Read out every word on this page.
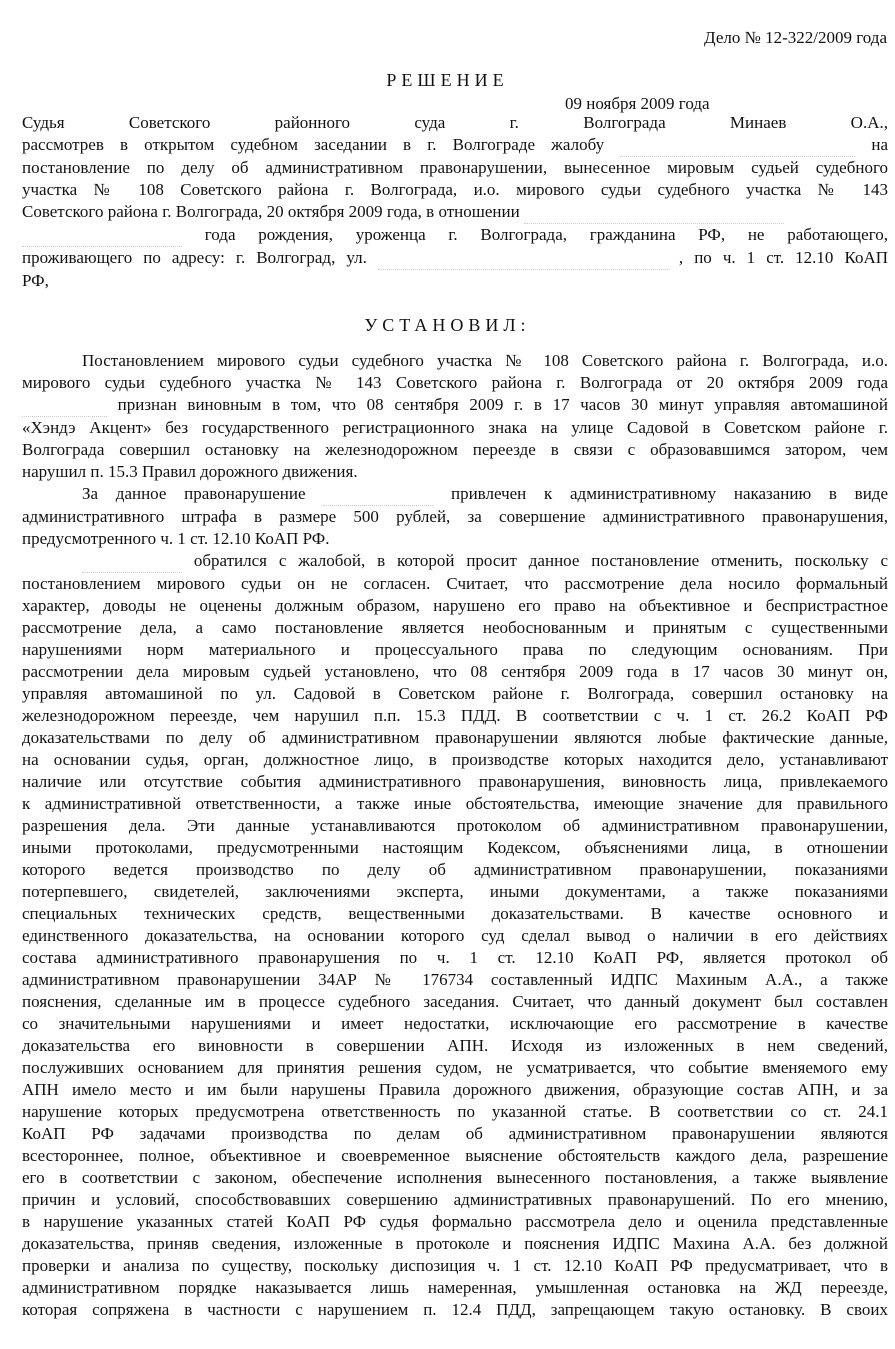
Дело № 12-322/2009 года
РЕШЕНИЕ
09 ноября 2009 года
Судья Советского районного суда г. Волгограда Минаев О.А.,
рассмотрев в открытом судебном заседании в г. Волгограде жалобу	на
постановление по делу об административном правонарушении, вынесенное мировым судьей судебного
участка № 108 Советского района г. Волгограда, и.о. мирового судьи судебного участка № 143
Советского района г. Волгограда, 20 октября 2009 года, в отношении
года рождения, уроженца г. Волгограда, гражданина РФ, не работающего,
проживающего по адресу: г. Волгоград, ул.	, по ч. 1 ст. 12.10 КоАП
РФ,
УСТАНОВИЛ:
Постановлением мирового судьи судебного участка № 108 Советского района г. Волгограда, и.о.
мирового судьи судебного участка № 143 Советского района г. Волгограда от 20 октября 2009 года
признан виновным в том, что 08 сентября 2009 г. в 17 часов 30 минут управляя автомашиной
«Хэндэ Акцент» без государственного регистрационного знака на улице Садовой в Советском районе г.
Волгограда совершил остановку на железнодорожном переезде в связи с образовавшимся затором, чем
нарушил п. 15.3 Правил дорожного движения.
За данное правонарушение	привлечен к административному наказанию в виде
административного штрафа в размере 500 рублей, за совершение административного правонарушения,
предусмотренного ч. 1 ст. 12.10 КоАП РФ.
обратился с жалобой, в которой просит данное постановление отменить, поскольку с
постановлением мирового судьи он не согласен. Считает, что рассмотрение дела носило формальный
характер, доводы не оценены должным образом, нарушено его право на объективное и беспристрастное
рассмотрение дела, а само постановление является необоснованным и принятым с существенными
нарушениями норм материального и процессуального права по следующим основаниям. При
рассмотрении дела мировым судьей установлено, что 08 сентября 2009 года в 17 часов 30 минут он,
управляя автомашиной по ул. Садовой в Советском районе г. Волгограда, совершил остановку на
железнодорожном переезде, чем нарушил п.п. 15.3 ПДД. В соответствии с ч. 1 ст. 26.2 КоАП РФ
доказательствами по делу об административном правонарушении являются любые фактические данные,
на основании судья, орган, должностное лицо, в производстве которых находится дело, устанавливают
наличие или отсутствие события административного правонарушения, виновность лица, привлекаемого
к административной ответственности, а также иные обстоятельства, имеющие значение для правильного
разрешения дела. Эти данные устанавливаются протоколом об административном правонарушении,
иными протоколами, предусмотренными настоящим Кодексом, объяснениями лица, в отношении
которого ведется производство по делу об административном правонарушении, показаниями
потерпевшего, свидетелей, заключениями эксперта, иными документами, а также показаниями
специальных технических средств, вещественными доказательствами. В качестве основного и
единственного доказательства, на основании которого суд сделал вывод о наличии в его действиях
состава административного правонарушения по ч. 1 ст. 12.10 КоАП РФ, является протокол об
административном правонарушении 34АР № 176734 составленный ИДПС Махиным А.А., а также
пояснения, сделанные им в процессе судебного заседания. Считает, что данный документ был составлен
со значительными нарушениями и имеет недостатки, исключающие его рассмотрение в качестве
доказательства его виновности в совершении АПН. Исходя из изложенных в нем сведений,
послуживших основанием для принятия решения судом, не усматривается, что событие вменяемого ему
АПН имело место и им были нарушены Правила дорожного движения, образующие состав АПН, и за
нарушение которых предусмотрена ответственность по указанной статье. В соответствии со ст. 24.1
КоАП РФ задачами производства по делам об административном правонарушении являются
всестороннее, полное, объективное и своевременное выяснение обстоятельств каждого дела, разрешение
его в соответствии с законом, обеспечение исполнения вынесенного постановления, а также выявление
причин и условий, способствовавших совершению административных правонарушений. По его мнению,
в нарушение указанных статей КоАП РФ судья формально рассмотрела дело и оценила представленные
доказательства, приняв сведения, изложенные в протоколе и пояснения ИДПС Махина А.А. без должной
проверки и анализа по существу, поскольку диспозиция ч. 1 ст. 12.10 КоАП РФ предусматривает, что в
административном порядке наказывается лишь намеренная, умышленная остановка на ЖД переезде,
которая сопряжена в частности с нарушением п. 12.4 ПДД, запрещающем такую остановку. В своих
